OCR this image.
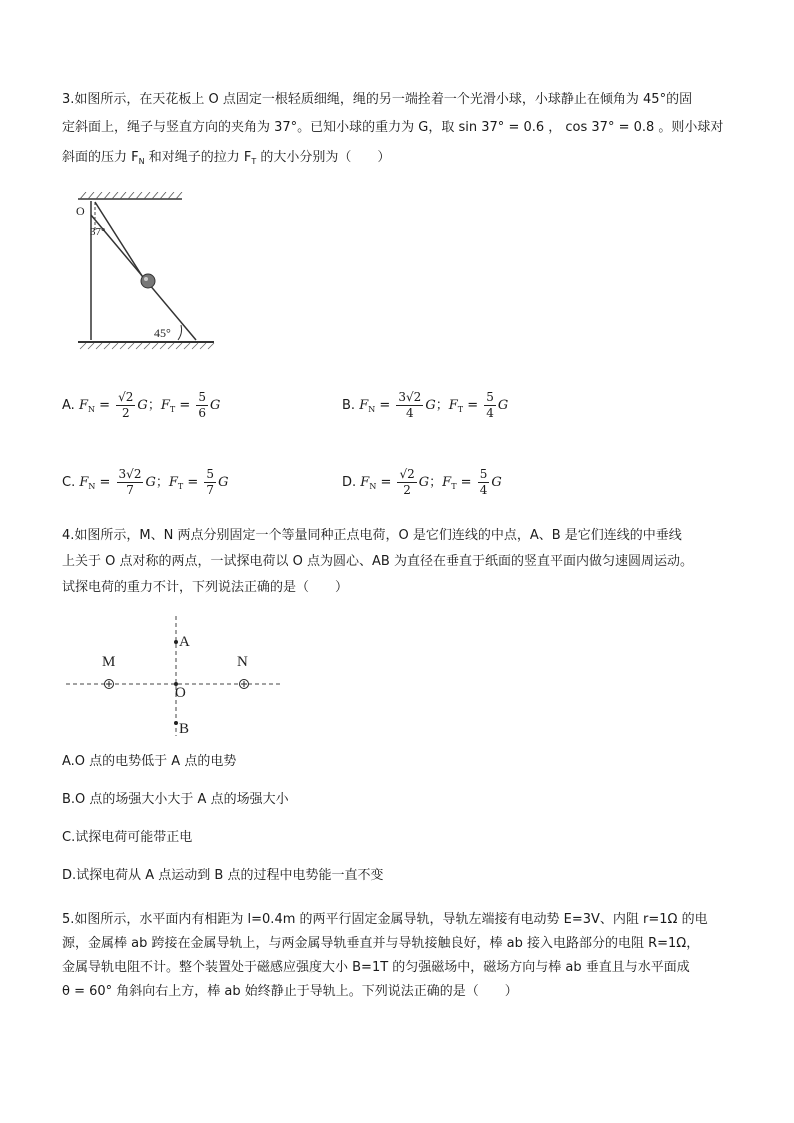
3.如图所示，在天花板上 O 点固定一根轻质细绳，绳的另一端拴着一个光滑小球，小球静止在倾角为 45°的固
定斜面上，绳子与竖直方向的夹角为 37°。已知小球的重力为 G，取 sin 37° = 0.6 ， cos 37° = 0.8 。则小球对
斜面的压力 $F_N$ 和对绳子的拉力 $F_T$ 的大小分别为（　　）
O
37°
45°
A. $F_N = \frac{√2}{2}$ G；$F_T = \frac{5}{6}$ G	B. $F_N = \frac{3√2}{4}$ G；$F_T = \frac{5}{4}$ G
C. $F_N = \frac{3√2}{7}$ G；$F_T = \frac{5}{7}$ G	D. $F_N = \frac{√2}{2}$ G；$F_T = \frac{5}{4}$ G
4.如图所示，M、N 两点分别固定一个等量同种正点电荷，O 是它们连线的中点，A、B 是它们连线的中垂线
上关于 O 点对称的两点，一试探电荷以 O 点为圆心、AB 为直径在垂直于纸面的竖直平面内做匀速圆周运动。
试探电荷的重力不计，下列说法正确的是（　　）
M	N
A
O
B
A.O 点的电势低于 A 点的电势
B.O 点的场强大小大于 A 点的场强大小
C.试探电荷可能带正电
D.试探电荷从 A 点运动到 B 点的过程中电势能一直不变
5.如图所示，水平面内有相距为 l=0.4m 的两平行固定金属导轨，导轨左端接有电动势 E=3V、内阻 r=1Ω 的电
源，金属棒 ab 跨接在金属导轨上，与两金属导轨垂直并与导轨接触良好，棒 ab 接入电路部分的电阻 R=1Ω，
金属导轨电阻不计。整个装置处于磁感应强度大小 B=1T 的匀强磁场中，磁场方向与棒 ab 垂直且与水平面成
θ = 60° 角斜向右上方，棒 ab 始终静止于导轨上。下列说法正确的是（　　）
